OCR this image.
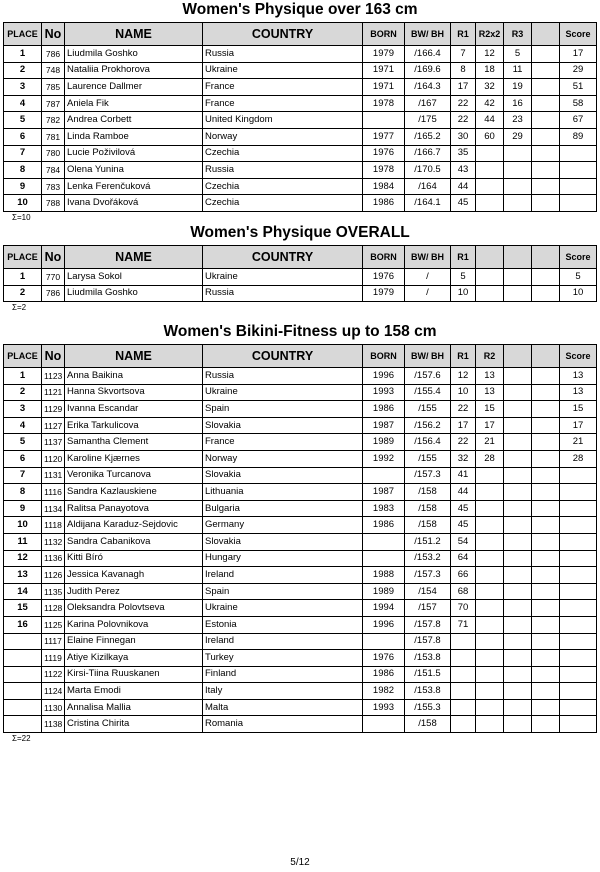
Women's Physique over 163 cm
PLACE	No	NAME	COUNTRY	BORN	BW/ BH	R1	R2x2	R3		Score
1	786	Liudmila Goshko	Russia	1979	/166.4	7	12	5		17
2	748	Nataliia Prokhorova	Ukraine	1971	/169.6	8	18	11		29
3	785	Laurence Dallmer	France	1971	/164.3	17	32	19		51
4	787	Aniela Fik	France	1978	/167	22	42	16		58
5	782	Andrea Corbett	United Kingdom		/175	22	44	23		67
6	781	Linda Ramboe	Norway	1977	/165.2	30	60	29		89
7	780	Lucie Poživilová	Czechia	1976	/166.7	35				
8	784	Olena Yunina	Russia	1978	/170.5	43				
9	783	Lenka Ferenčuková	Czechia	1984	/164	44				
10	788	Ivana Dvořáková	Czechia	1986	/164.1	45				
Σ=10
Women's Physique OVERALL
PLACE	No	NAME	COUNTRY	BORN	BW/ BH	R1				Score
1	770	Larysa Sokol	Ukraine	1976	/	5				5
2	786	Liudmila Goshko	Russia	1979	/	10				10
Σ=2
Women's Bikini-Fitness up to 158 cm
PLACE	No	NAME	COUNTRY	BORN	BW/ BH	R1	R2			Score
1	1123	Anna Baikina	Russia	1996	/157.6	12	13			13
2	1121	Hanna Skvortsova	Ukraine	1993	/155.4	10	13			13
3	1129	Ivanna Escandar	Spain	1986	/155	22	15			15
4	1127	Erika Tarkulicova	Slovakia	1987	/156.2	17	17			17
5	1137	Samantha Clement	France	1989	/156.4	22	21			21
6	1120	Karoline Kjærnes	Norway	1992	/155	32	28			28
7	1131	Veronika Turcanova	Slovakia		/157.3	41				
8	1116	Sandra Kazlauskiene	Lithuania	1987	/158	44				
9	1134	Ralitsa Panayotova	Bulgaria	1983	/158	45				
10	1118	Aldijana Karaduz-Sejdovic	Germany	1986	/158	45				
11	1132	Sandra Cabanikova	Slovakia		/151.2	54				
12	1136	Kitti Bíró	Hungary		/153.2	64				
13	1126	Jessica Kavanagh	Ireland	1988	/157.3	66				
14	1135	Judith Perez	Spain	1989	/154	68				
15	1128	Oleksandra Polovtseva	Ukraine	1994	/157	70				
16	1125	Karina Polovnikova	Estonia	1996	/157.8	71				
	1117	Elaine Finnegan	Ireland		/157.8					
	1119	Atiye Kizilkaya	Turkey	1976	/153.8					
	1122	Kirsi-Tiina Ruuskanen	Finland	1986	/151.5					
	1124	Marta Emodi	Italy	1982	/153.8					
	1130	Annalisa Mallia	Malta	1993	/155.3					
	1138	Cristina Chirita	Romania		/158					
Σ=22
5/12
